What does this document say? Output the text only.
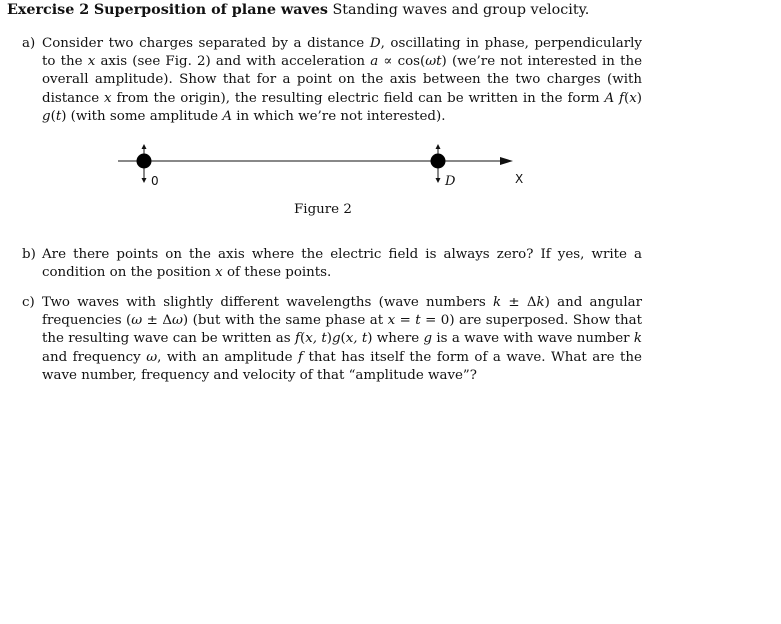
Exercise 2 Superposition of plane waves Standing waves and group velocity.
a) Consider two charges separated by a distance D, oscillating in phase, perpendicularly to the x axis (see Fig. 2) and with acceleration a ∝ cos(ωt) (we’re not interested in the overall amplitude). Show that for a point on the axis between the two charges (with distance x from the origin), the resulting electric field can be written in the form A f(x) g(t) (with some amplitude A in which we’re not interested).
0	D	X
Figure 2
b) Are there points on the axis where the electric field is always zero? If yes, write a condition on the position x of these points.
c) Two waves with slightly different wavelengths (wave numbers k ± Δk) and angular frequencies (ω ± Δω) (but with the same phase at x = t = 0) are superposed. Show that the resulting wave can be written as f(x, t)g(x, t) where g is a wave with wave number k and frequency ω, with an amplitude f that has itself the form of a wave. What are the wave number, frequency and velocity of that “amplitude wave”?
